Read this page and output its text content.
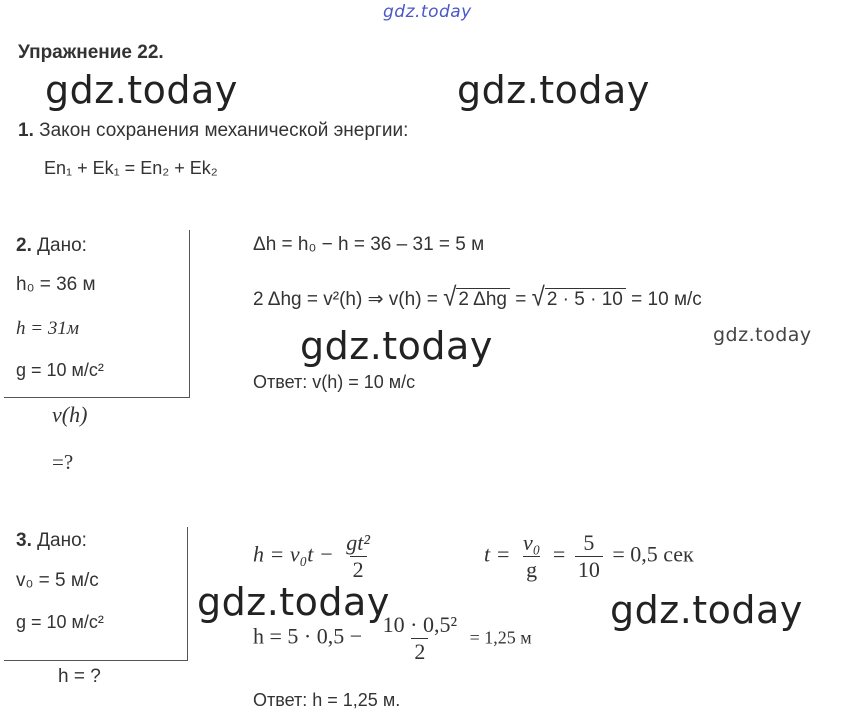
gdz.today
gdz.today	gdz.today
gdz.today
gdz.today
gdz.today	gdz.today
Упражнение 22.
1. Закон сохранения механической энергии:
En₁ + Ek₁ = En₂ + Ek₂
2. Дано:
h₀ = 36 м
h = 31м
g = 10 м/с²
v(h)
=?
Δh = h₀ − h = 36 – 31 = 5 м
2 Δhg = v²(h) ⇒ v(h) = √ 2 Δhg = √ 2 · 5 · 10 = 10 м/с
Ответ: v(h) = 10 м/с
3. Дано:
v₀ = 5 м/с
g = 10 м/с²
h = ?
$h = v_0t - \frac{\text{gt²}}{2}$	$t = \frac{\text{v₀}}{g} = \frac{5}{10} = 0,5$ сек
$h = 5 \cdot 0,5 - \frac{\text{10 · 0,5²}}{2} = 1,25$ м
Ответ: h = 1,25 м.
